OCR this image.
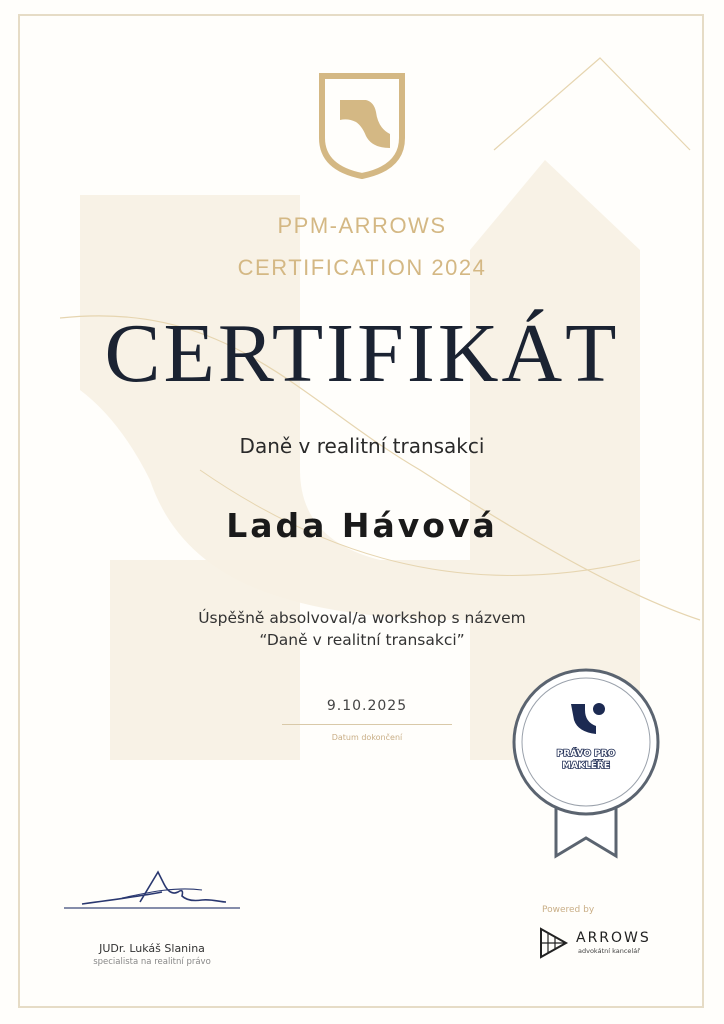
PPM-ARROWS
CERTIFICATION 2024
CERTIFIKÁT
Daně v realitní transakci
Lada Hávová
Úspěšně absolvoval/a workshop s názvem
“Daně v realitní transakci”
9.10.2025
Datum dokončení
PRÁVO PRO
MAKLÉŘE
JUDr. Lukáš Slanina
specialista na realitní právo
Powered by
ARROWS
advokátní kancelář
